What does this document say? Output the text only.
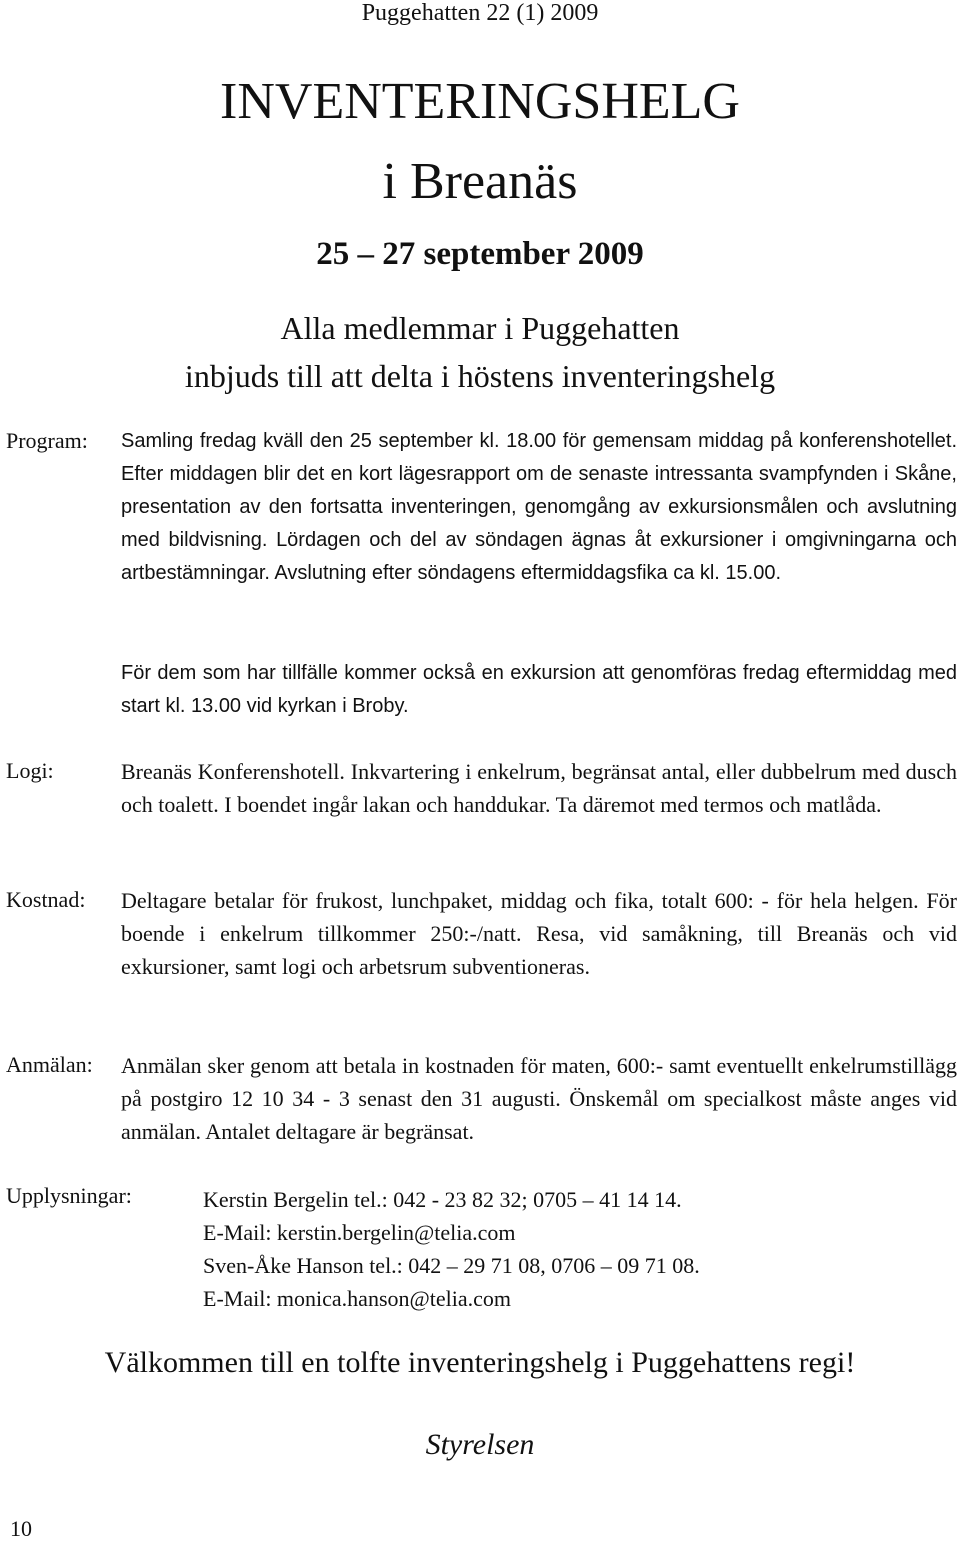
Puggehatten 22 (1) 2009
INVENTERINGSHELG
i Breanäs
25 – 27 september 2009
Alla medlemmar i Puggehatten
inbjuds till att delta i höstens inventeringshelg
Program: Samling fredag kväll den 25 september kl. 18.00 för gemensam middag på konferenshotellet. Efter middagen blir det en kort lägesrapport om de senaste intressanta svampfynden i Skåne, presentation av den fortsatta inventeringen, genomgång av exkursionsmålen och avslutning med bildvisning. Lördagen och del av söndagen ägnas åt exkursioner i omgivningarna och artbestämningar. Avslutning efter söndagens eftermiddagsfika ca kl. 15.00.

För dem som har tillfälle kommer också en exkursion att genomföras fredag eftermiddag med start kl. 13.00 vid kyrkan i Broby.

Logi:	Breanäs Konferenshotell. Inkvartering i enkelrum, begränsat antal, eller dubbelrum med dusch och toalett. I boendet ingår lakan och handdukar. Ta däremot med termos och matlåda.

Kostnad: Deltagare betalar för frukost, lunchpaket, middag och fika, totalt 600: - för hela helgen. För boende i enkelrum tillkommer 250:-/natt. Resa, vid samåkning, till Breanäs och vid exkursioner, samt logi och arbetsrum subventioneras.

Anmälan: Anmälan sker genom att betala in kostnaden för maten, 600:- samt eventuellt enkelrumstillägg på postgiro 12 10 34 - 3 senast den 31 augusti. Önskemål om specialkost måste anges vid anmälan. Antalet deltagare är begränsat.

Upplysningar:	Kerstin Bergelin tel.: 042 - 23 82 32; 0705 – 41 14 14.
E-Mail: kerstin.bergelin@telia.com
Sven-Åke Hanson tel.: 042 – 29 71 08, 0706 – 09 71 08.
E-Mail: monica.hanson@telia.com
Välkommen till en tolfte inventeringshelg i Puggehattens regi!
Styrelsen
10
